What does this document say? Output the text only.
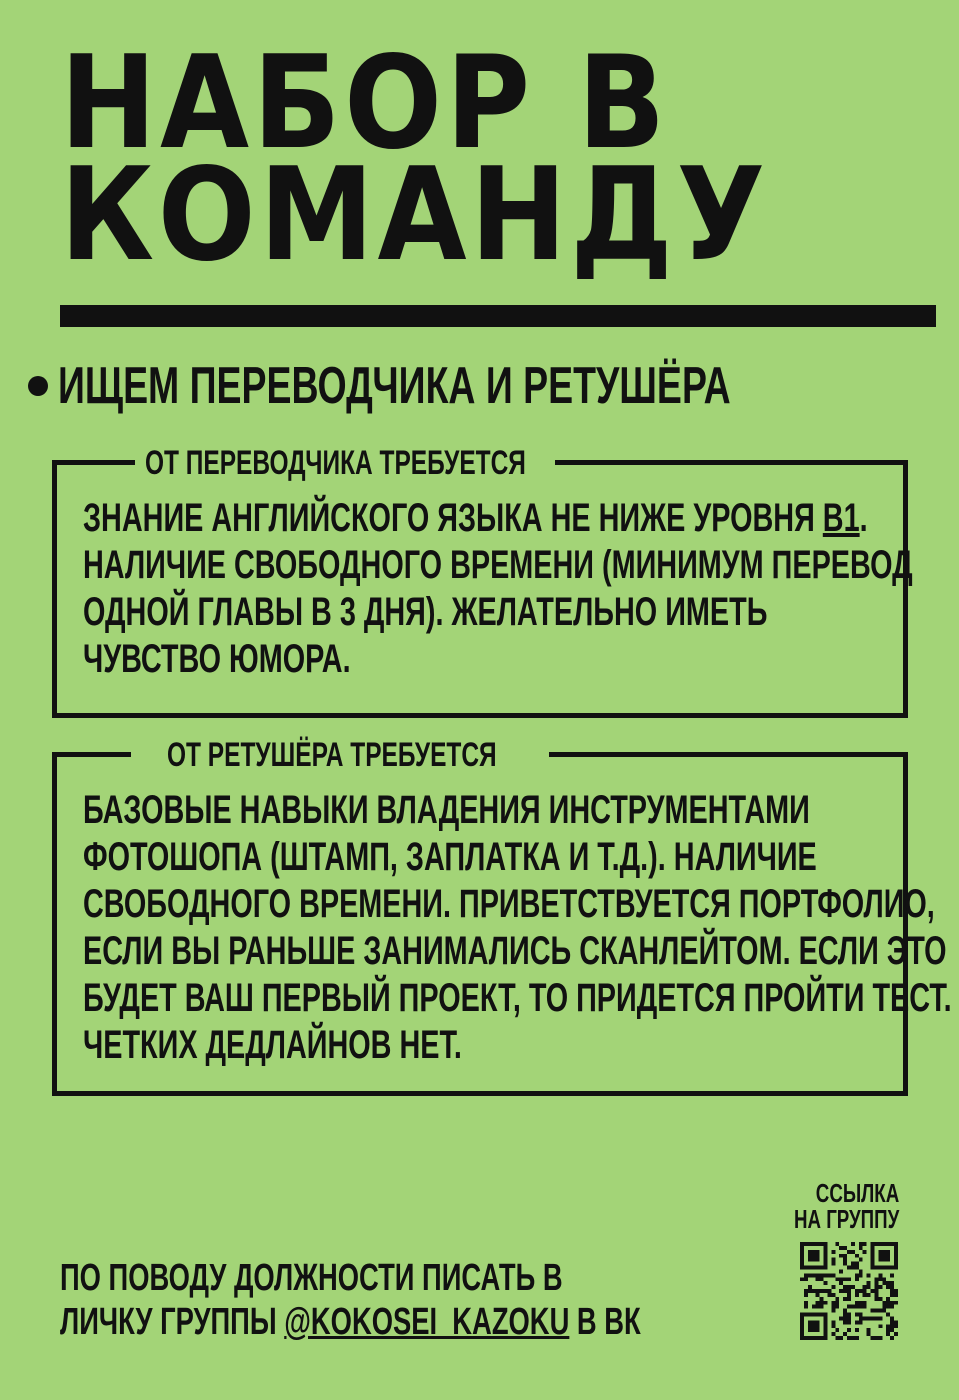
НАБОР В
КОМАНДУ
ИЩЕМ ПЕРЕВОДЧИКА И РЕТУШЁРА
ОТ ПЕРЕВОДЧИКА ТРЕБУЕТСЯ
ЗНАНИЕ АНГЛИЙСКОГО ЯЗЫКА НЕ НИЖЕ УРОВНЯ B1.
НАЛИЧИЕ СВОБОДНОГО ВРЕМЕНИ (МИНИМУМ ПЕРЕВОД
ОДНОЙ ГЛАВЫ В 3 ДНЯ). ЖЕЛАТЕЛЬНО ИМЕТЬ
ЧУВСТВО ЮМОРА.
ОТ РЕТУШЁРА ТРЕБУЕТСЯ
БАЗОВЫЕ НАВЫКИ ВЛАДЕНИЯ ИНСТРУМЕНТАМИ
ФОТОШОПА (ШТАМП, ЗАПЛАТКА И Т.Д.). НАЛИЧИЕ
СВОБОДНОГО ВРЕМЕНИ. ПРИВЕТСТВУЕТСЯ ПОРТФОЛИО,
ЕСЛИ ВЫ РАНЬШЕ ЗАНИМАЛИСЬ СКАНЛЕЙТОМ. ЕСЛИ ЭТО
БУДЕТ ВАШ ПЕРВЫЙ ПРОЕКТ, ТО ПРИДЕТСЯ ПРОЙТИ ТЕСТ.
ЧЕТКИХ ДЕДЛАЙНОВ НЕТ.
ПО ПОВОДУ ДОЛЖНОСТИ ПИСАТЬ В
ЛИЧКУ ГРУППЫ @KOKOSEI_KAZOKU В ВК
ССЫЛКА
НА ГРУППУ
